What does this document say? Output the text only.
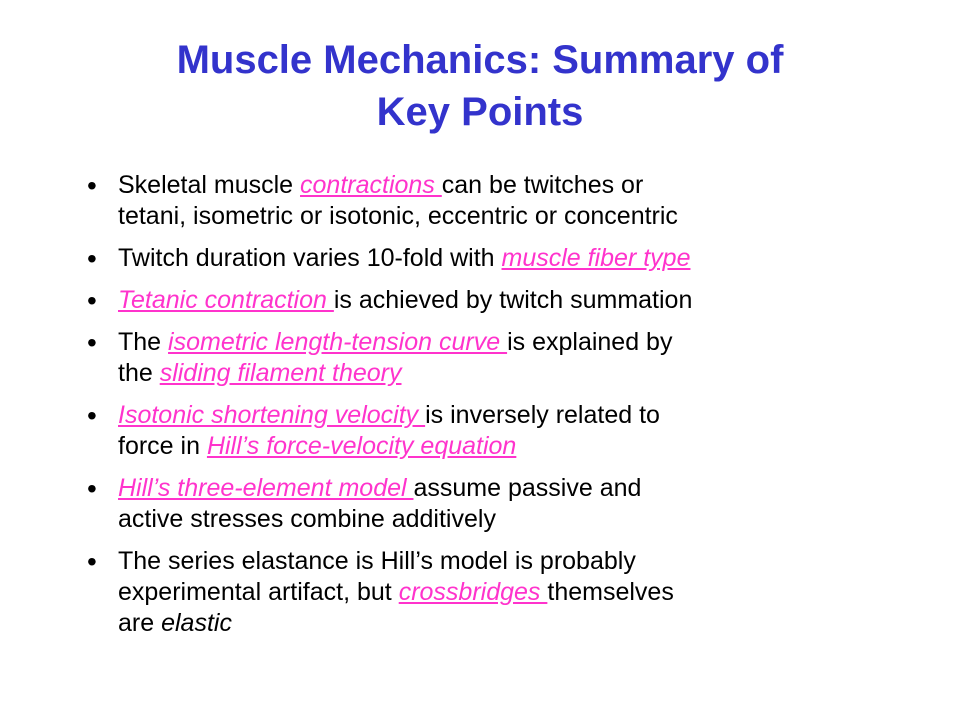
Muscle Mechanics: Summary of
Key Points
• Skeletal muscle contractions can be twitches or
tetani, isometric or isotonic, eccentric or concentric
• Twitch duration varies 10-fold with muscle fiber type
• Tetanic contraction is achieved by twitch summation
• The isometric length-tension curve is explained by
the sliding filament theory
• Isotonic shortening velocity is inversely related to
force in Hill’s force-velocity equation
• Hill’s three-element model assume passive and
active stresses combine additively
• The series elastance is Hill’s model is probably
experimental artifact, but crossbridges themselves
are elastic
